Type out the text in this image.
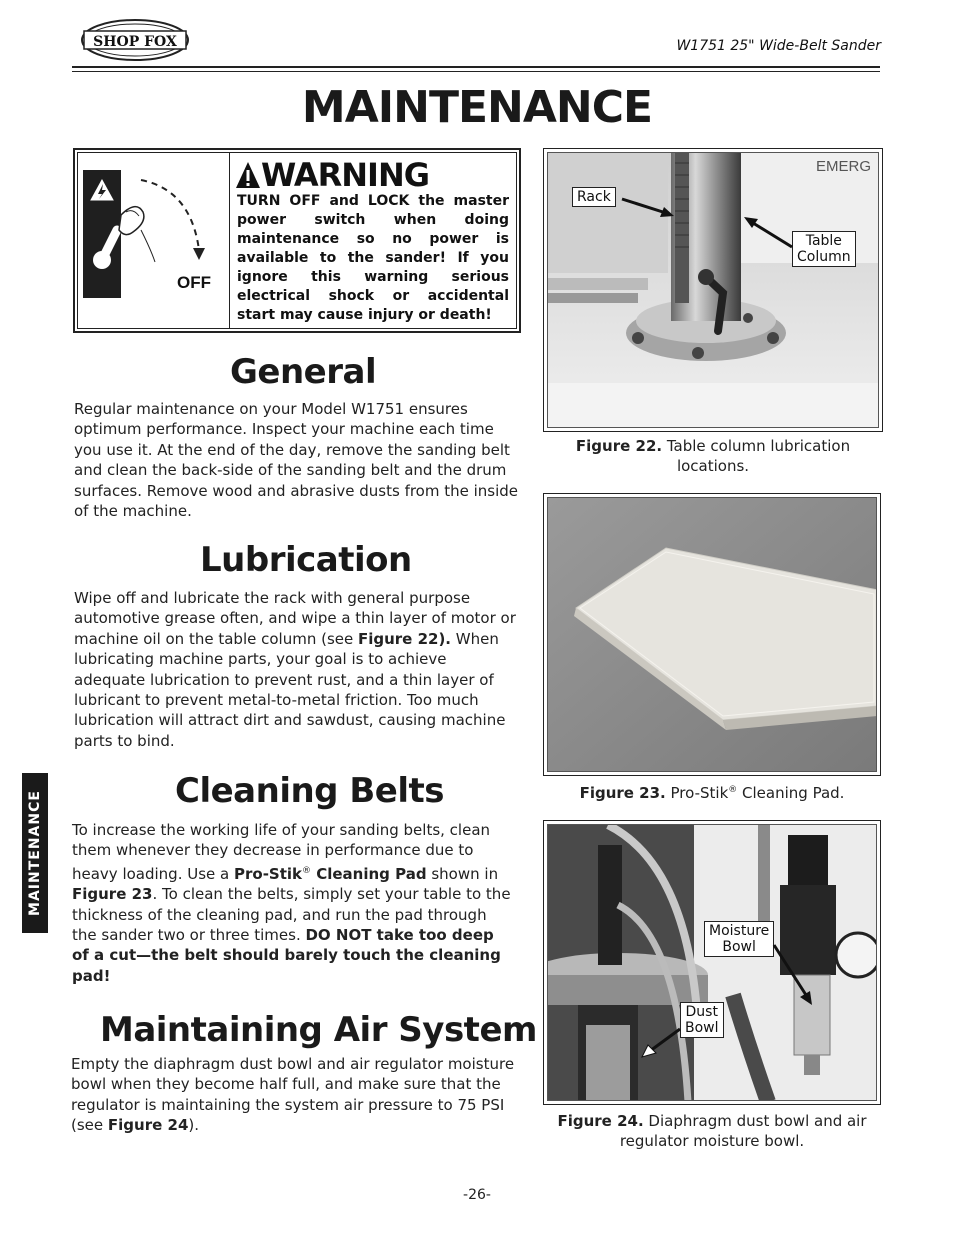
SHOP FOX	W1751 25" Wide-Belt Sander
MAINTENANCE
OFF
WARNING
TURN OFF and LOCK the master power switch when doing maintenance so no power is available to the sander! If you ignore this warning serious electrical shock or accidental start may cause injury or death!
General

Regular maintenance on your Model W1751 ensures optimum performance. Inspect your machine each time you use it. At the end of the day, remove the sanding belt and clean the back-side of the sanding belt and the drum surfaces. Remove wood and abrasive dusts from the inside of the machine.

Lubrication

Wipe off and lubricate the rack with general purpose automotive grease often, and wipe a thin layer of motor or machine oil on the table column (see Figure 22). When lubricating machine parts, your goal is to achieve adequate lubrication to prevent rust, and a thin layer of lubricant to prevent metal-to-metal friction. Too much lubrication will attract dirt and sawdust, causing machine parts to bind.

Cleaning Belts

To increase the working life of your sanding belts, clean them whenever they decrease in performance due to heavy loading. Use a Pro-Stik® Cleaning Pad shown in Figure 23. To clean the belts, simply set your table to the thickness of the cleaning pad, and run the pad through the sander two or three times. DO NOT take too deep of a cut—the belt should barely touch the cleaning pad!

Maintaining Air System

Empty the diaphragm dust bowl and air regulator moisture bowl when they become half full, and make sure that the regulator is maintaining the system air pressure to 75 PSI (see Figure 24).

MAINTENANCE
EMERG
Rack
Table
Column
Figure 22. Table column lubrication locations.
Figure 23. Pro-Stik® Cleaning Pad.
Moisture
Bowl
Dust
Bowl
Figure 24. Diaphragm dust bowl and air regulator moisture bowl.
-26-
